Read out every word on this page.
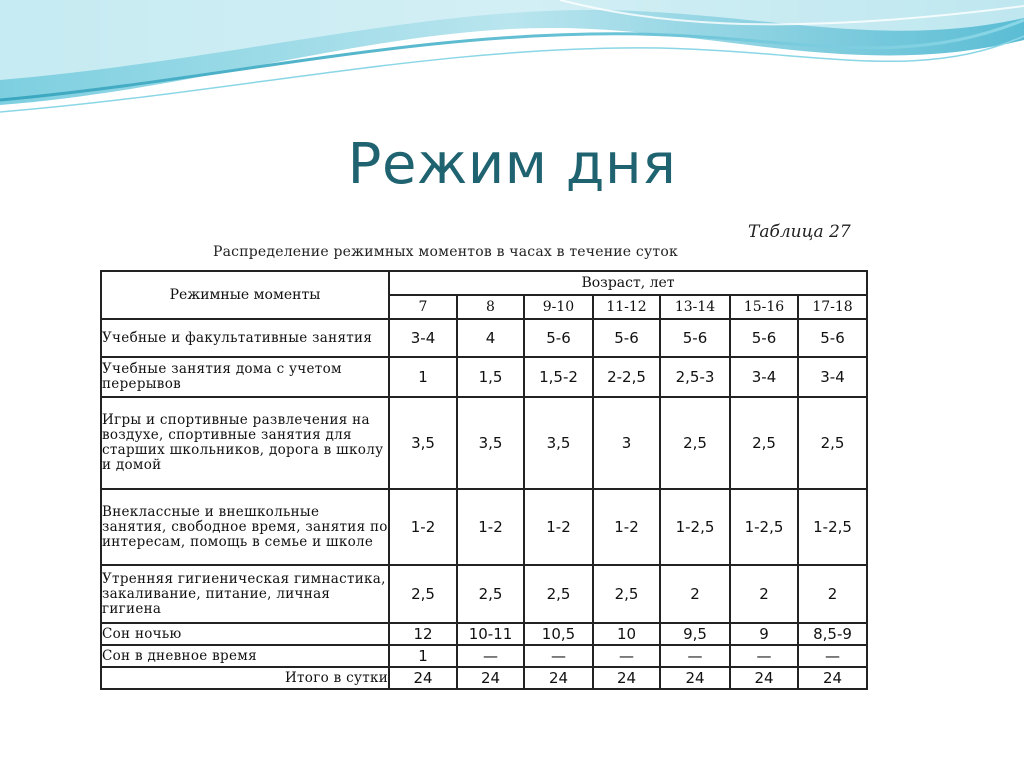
Режим дня
Таблица 27
Распределение режимных моментов в часах в течение суток
Режимные моменты	Возраст, лет						
	7	8	9-10	11-12	13-14	15-16	17-18
Учебные и факультативные занятия	3-4	4	5-6	5-6	5-6	5-6	5-6
Учебные занятия дома с учетом перерывов	1	1,5	1,5-2	2-2,5	2,5-3	3-4	3-4
Игры и спортивные развлечения на воздухе, спортивные занятия для старших школьников, дорога в школу и домой	3,5	3,5	3,5	3	2,5	2,5	2,5
Внеклассные и внешкольные занятия, свободное время, занятия по интересам, помощь в семье и школе	1-2	1-2	1-2	1-2	1-2,5	1-2,5	1-2,5
Утренняя гигиеническая гимнастика, закаливание, питание, личная гигиена	2,5	2,5	2,5	2,5	2	2	2
Сон ночью	12	10-11	10,5	10	9,5	9	8,5-9
Сон в дневное время	1	—	—	—	—	—	—
Итого в сутки	24	24	24	24	24	24	24
